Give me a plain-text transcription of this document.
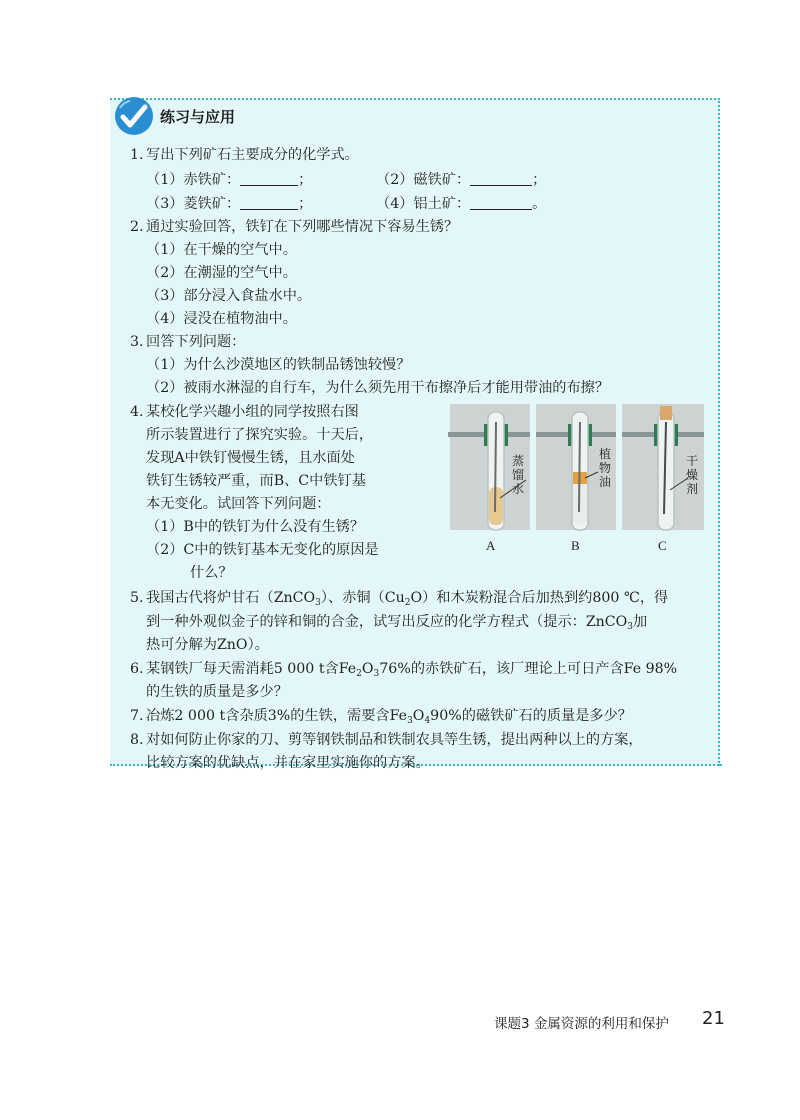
练习与应用
1. 写出下列矿石主要成分的化学式。
（1）赤铁矿：	；	（2）磁铁矿：	；
（3）菱铁矿：	；	（4）铝土矿：	。
2. 通过实验回答，铁钉在下列哪些情况下容易生锈？
（1）在干燥的空气中。
（2）在潮湿的空气中。
（3）部分浸入食盐水中。
（4）浸没在植物油中。
3. 回答下列问题：
（1）为什么沙漠地区的铁制品锈蚀较慢？
（2）被雨水淋湿的自行车，为什么须先用干布擦净后才能用带油的布擦？
4. 某校化学兴趣小组的同学按照右图
所示装置进行了探究实验。十天后，
发现A中铁钉慢慢生锈，且水面处
铁钉生锈较严重，而B、C中铁钉基
本无变化。试回答下列问题：
（1）B中的铁钉为什么没有生锈？
（2）C中的铁钉基本无变化的原因是
什么？
蒸馏水
植物油
干燥剂
A	B	C
5. 我国古代将炉甘石（ZnCO$_3$）、赤铜$(Cu_2O)$和木炭粉混合后加热到约800 ℃，得
到一种外观似金子的锌和铜的合金，试写出反应的化学方程式（提示：ZnCO$_3$加
热可分解为ZnO）。
6. 某钢铁厂每天需消耗5 000 t含$Fe_2O_376\%$的赤铁矿石，该厂理论上可日产含Fe 98%
的生铁的质量是多少？
7. 冶炼2 000 t含杂质3%的生铁，需要含$Fe_3O_490\%$的磁铁矿石的质量是多少？
8. 对如何防止你家的刀、剪等钢铁制品和铁制农具等生锈，提出两种以上的方案，
比较方案的优缺点，并在家里实施你的方案。
课题3 金属资源的利用和保护 21
